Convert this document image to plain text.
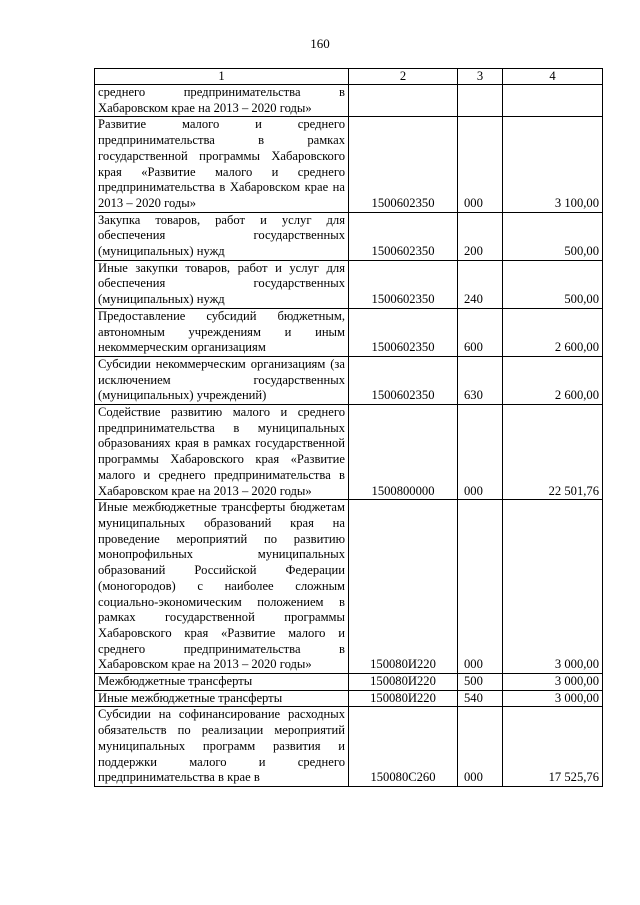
160
1	2	3	4
среднего предпринимательства в Хабаровском крае на 2013 – 2020 годы»			
Развитие малого и среднего предпринимательства в рамках государственной программы Хабаровского края «Развитие малого и среднего предпринимательства в Хабаровском крае на 2013 – 2020 годы»	1500602350	000	3 100,00
Закупка товаров, работ и услуг для обеспечения государственных (муниципальных) нужд	1500602350	200	500,00
Иные закупки товаров, работ и услуг для обеспечения государственных (муниципальных) нужд	1500602350	240	500,00
Предоставление субсидий бюджетным, автономным учреждениям и иным некоммерческим организациям	1500602350	600	2 600,00
Субсидии некоммерческим организациям (за исключением государственных (муниципальных) учреждений)	1500602350	630	2 600,00
Содействие развитию малого и среднего предпринимательства в муниципальных образованиях края в рамках государственной программы Хабаровского края «Развитие малого и среднего предпринимательства в Хабаровском крае на 2013 – 2020 годы»	1500800000	000	22 501,76
Иные межбюджетные трансферты бюджетам муниципальных образований края на проведение мероприятий по развитию монопрофильных муниципальных образований Российской Федерации (моногородов) с наиболее сложным социально-экономическим положением в рамках государственной программы Хабаровского края «Развитие малого и среднего предпринимательства в Хабаровском крае на 2013 – 2020 годы»	150080И220	000	3 000,00
Межбюджетные трансферты	150080И220	500	3 000,00
Иные межбюджетные трансферты	150080И220	540	3 000,00
Субсидии на софинансирование расходных обязательств по реализации мероприятий муниципальных программ развития и поддержки малого и среднего предпринимательства в крае в	150080С260	000	17 525,76
